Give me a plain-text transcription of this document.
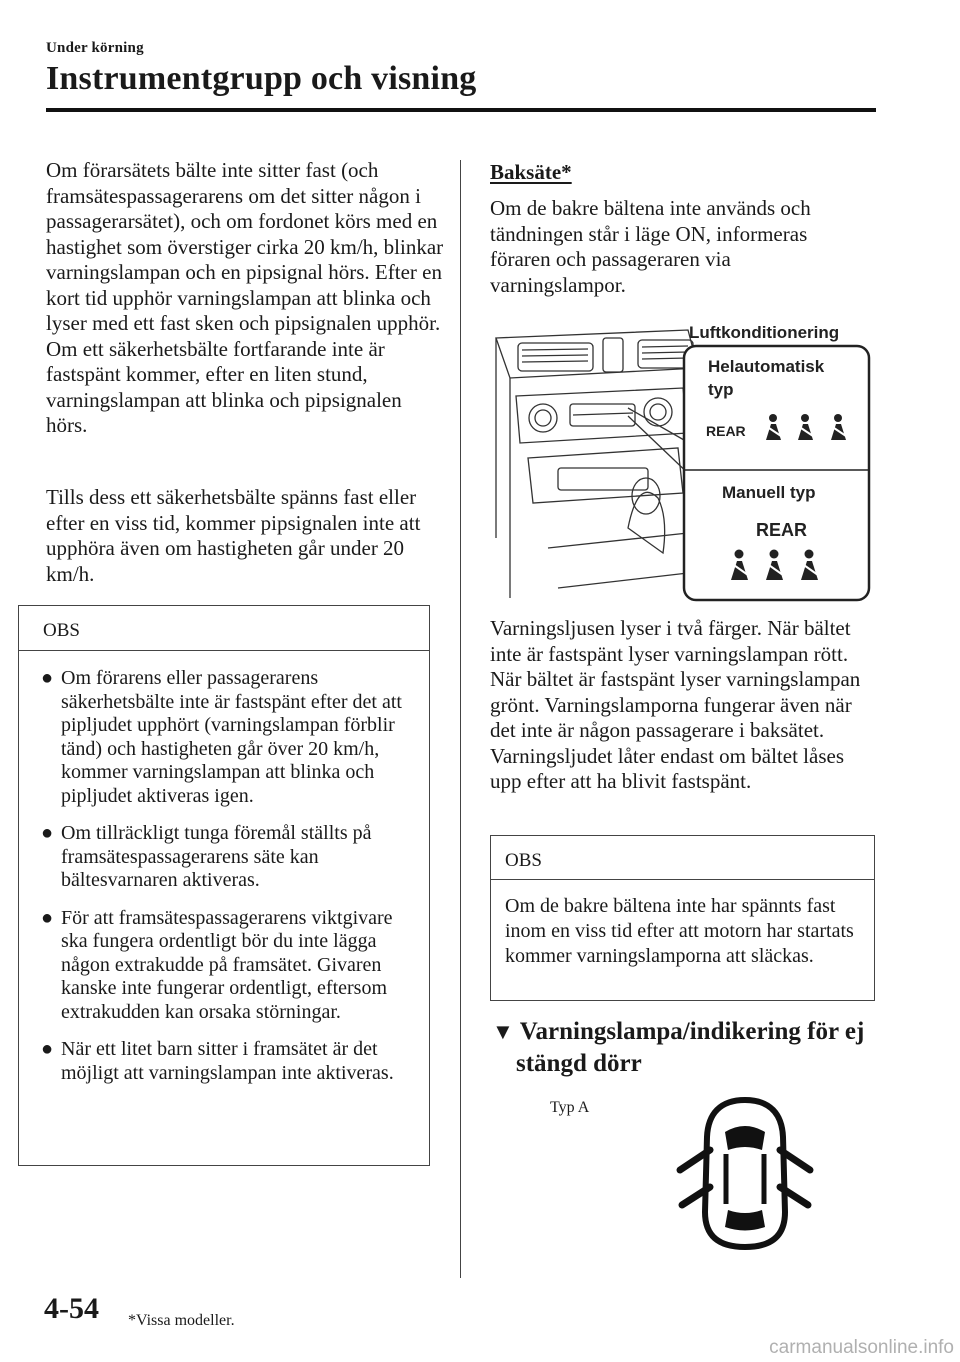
Under körning
Instrumentgrupp och visning

Om förarsätets bälte inte sitter fast (och framsätespassagerarens om det sitter någon i passagerarsätet), och om fordonet körs med en hastighet som överstiger cirka 20 km/h, blinkar varningslampan och en pipsignal hörs. Efter en kort tid upphör varningslampan att blinka och lyser med ett fast sken och pipsignalen upphör. Om ett säkerhetsbälte fortfarande inte är fastspänt kommer, efter en liten stund, varningslampan att blinka och pipsignalen hörs.

Tills dess ett säkerhetsbälte spänns fast eller efter en viss tid, kommer pipsignalen inte att upphöra även om hastigheten går under 20 km/h.

OBS
● Om förarens eller passagerarens säkerhetsbälte inte är fastspänt efter det att pipljudet upphört (varningslampan förblir tänd) och hastigheten går över 20 km/h, kommer varningslampan att blinka och pipljudet aktiveras igen.
● Om tillräckligt tunga föremål ställts på framsätespassagerarens säte kan bältesvarnaren aktiveras.
● För att framsätespassagerarens viktgivare ska fungera ordentligt bör du inte lägga någon extrakudde på framsätet. Givaren kanske inte fungerar ordentligt, eftersom extrakudden kan orsaka störningar.
● När ett litet barn sitter i framsätet är det möjligt att varningslampan inte aktiveras.
Baksäte*

Om de bakre bältena inte används och tändningen står i läge ON, informeras föraren och passageraren via varningslampor.

Luftkonditionering
Helautomatisk
typ
REAR
Manuell typ
REAR

Varningsljusen lyser i två färger. När bältet inte är fastspänt lyser varningslampan rött. När bältet är fastspänt lyser varningslampan grönt. Varningslamporna fungerar även när det inte är någon passagerare i baksätet. Varningsljudet låter endast om bältet låses upp efter att ha blivit fastspänt.

OBS
Om de bakre bältena inte har spännts fast inom en viss tid efter att motorn har startats kommer varningslamporna att släckas.
▼ Varningslampa/indikering för ej
stängd dörr
Typ A
4-54 *Vissa modeller.
carmanualsonline.info
